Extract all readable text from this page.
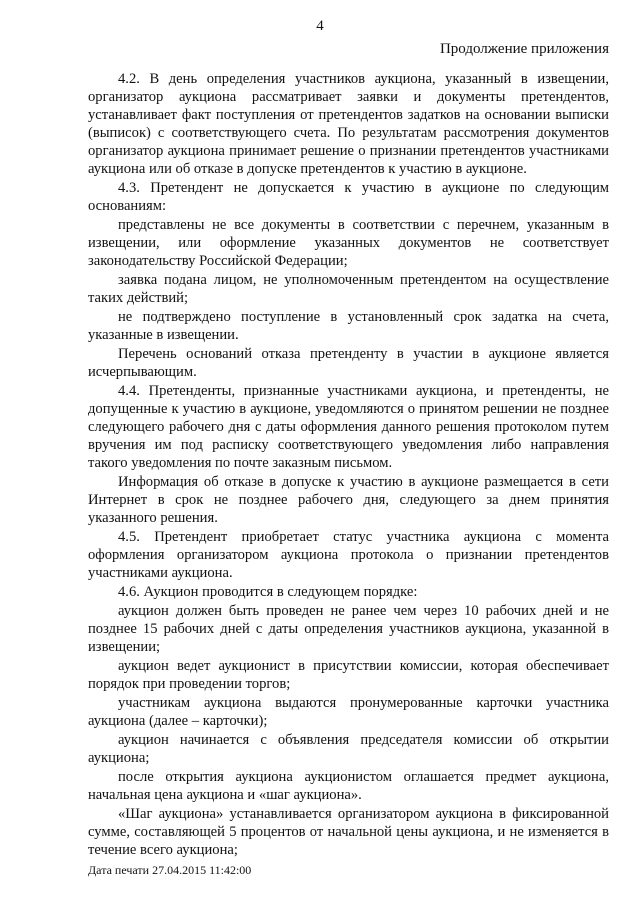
4
Продолжение приложения

4.2. В день определения участников аукциона, указанный в извещении, организатор аукциона рассматривает заявки и документы претендентов, устанавливает факт поступления от претендентов задатков на основании выписки (выписок) с соответствующего счета. По результатам рассмотрения документов организатор аукциона принимает решение о признании претендентов участниками аукциона или об отказе в допуске претендентов к участию в аукционе.

4.3. Претендент не допускается к участию в аукционе по следующим основаниям:

представлены не все документы в соответствии с перечнем, указанным в извещении, или оформление указанных документов не соответствует законодательству Российской Федерации;

заявка подана лицом, не уполномоченным претендентом на осуществление таких действий;

не подтверждено поступление в установленный срок задатка на счета, указанные в извещении.

Перечень оснований отказа претенденту в участии в аукционе является исчерпывающим.

4.4. Претенденты, признанные участниками аукциона, и претенденты, не допущенные к участию в аукционе, уведомляются о принятом решении не позднее следующего рабочего дня с даты оформления данного решения протоколом путем вручения им под расписку соответствующего уведомления либо направления такого уведомления по почте заказным письмом.

Информация об отказе в допуске к участию в аукционе размещается в сети Интернет в срок не позднее рабочего дня, следующего за днем принятия указанного решения.

4.5. Претендент приобретает статус участника аукциона с момента оформления организатором аукциона протокола о признании претендентов участниками аукциона.

4.6. Аукцион проводится в следующем порядке:

аукцион должен быть проведен не ранее чем через 10 рабочих дней и не позднее 15 рабочих дней с даты определения участников аукциона, указанной в извещении;

аукцион ведет аукционист в присутствии комиссии, которая обеспечивает порядок при проведении торгов;

участникам аукциона выдаются пронумерованные карточки участника аукциона (далее – карточки);

аукцион начинается с объявления председателя комиссии об открытии аукциона;

после открытия аукциона аукционистом оглашается предмет аукциона, начальная цена аукциона и «шаг аукциона».

«Шаг аукциона» устанавливается организатором аукциона в фиксированной сумме, составляющей 5 процентов от начальной цены аукциона, и не изменяется в течение всего аукциона;

Дата печати 27.04.2015 11:42:00
